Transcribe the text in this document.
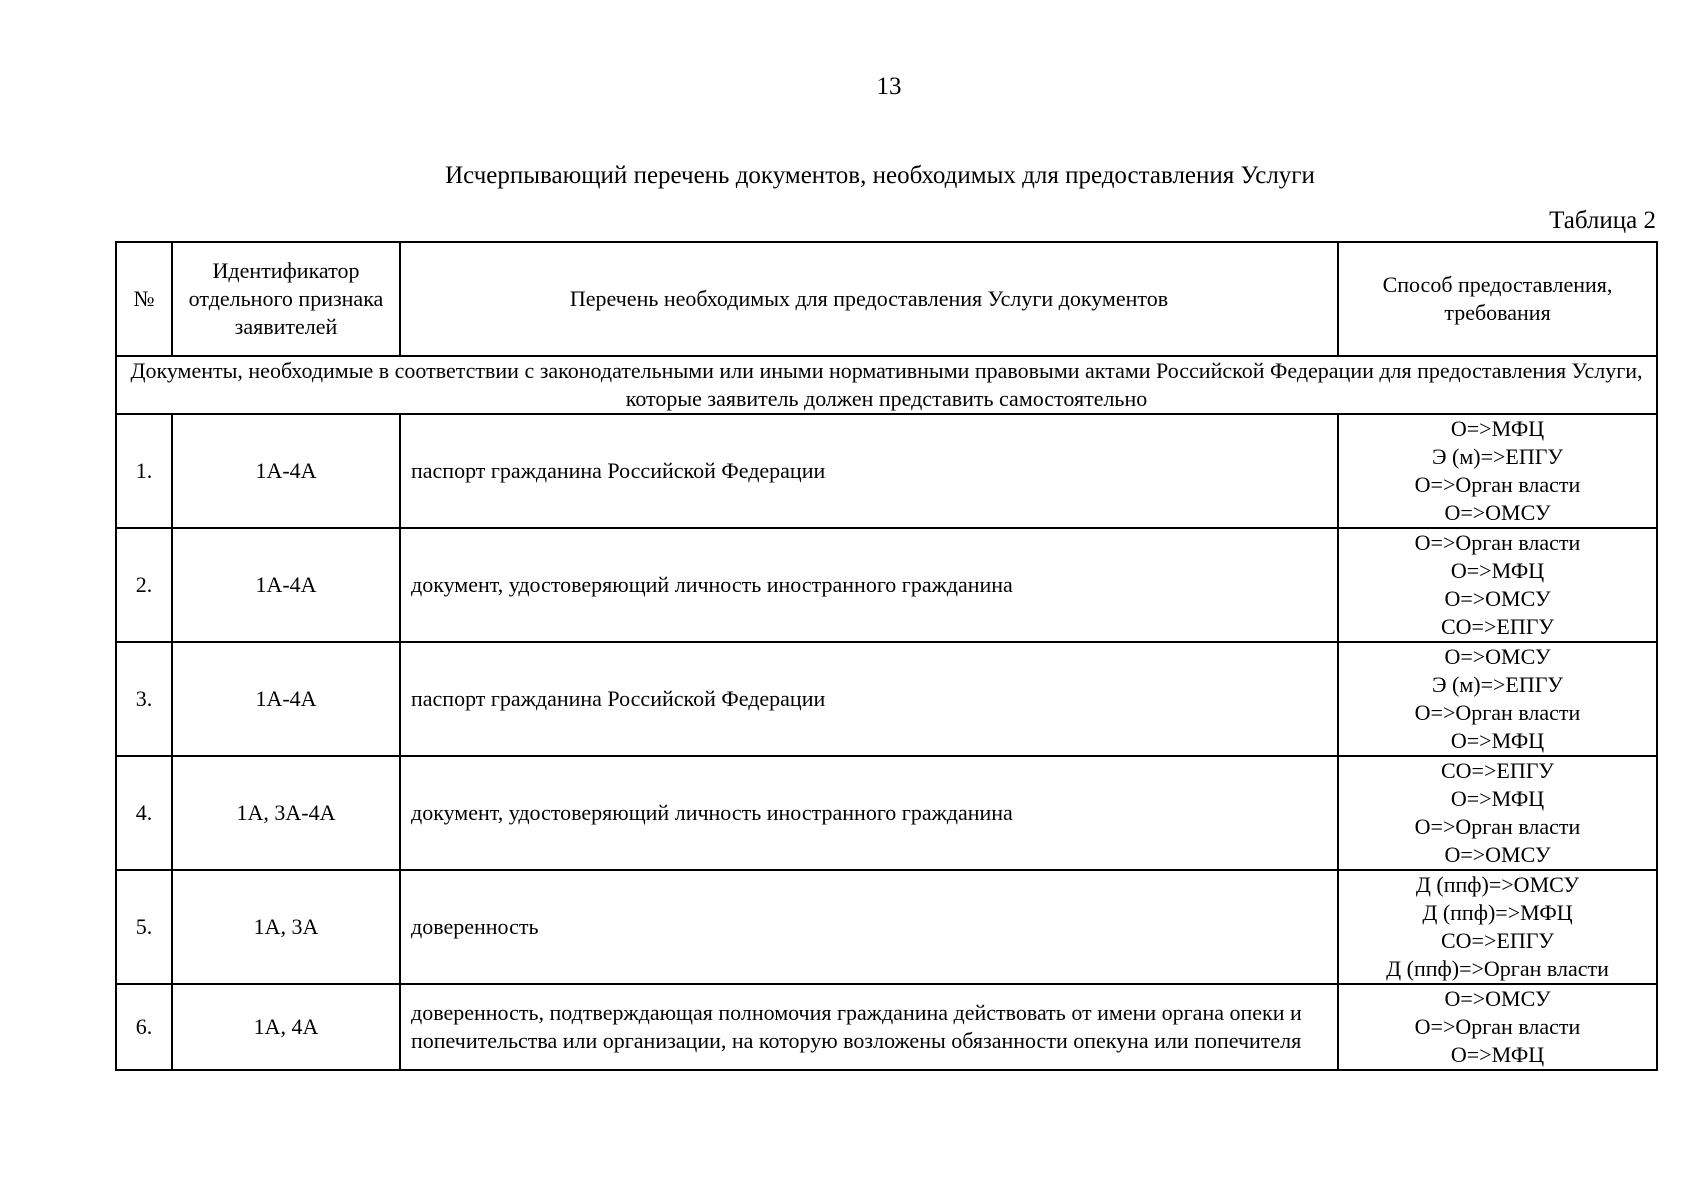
13
Исчерпывающий перечень документов, необходимых для предоставления Услуги
Таблица 2
№	Идентификатор отдельного признака заявителей	Перечень необходимых для предоставления Услуги документов	Способ предоставления, требования
Документы, необходимые в соответствии с законодательными или иными нормативными правовыми актами Российской Федерации для предоставления Услуги, которые заявитель должен представить самостоятельно			
1.	1А-4А	паспорт гражданина Российской Федерации	О=>МФЦ
Э (м)=>ЕПГУ
О=>Орган власти
О=>ОМСУ

2.	1А-4А	документ, удостоверяющий личность иностранного гражданина	О=>Орган власти
О=>МФЦ
О=>ОМСУ
СО=>ЕПГУ

3.	1А-4А	паспорт гражданина Российской Федерации	О=>ОМСУ
Э (м)=>ЕПГУ
О=>Орган власти
О=>МФЦ

4.	1А, 3А-4А	документ, удостоверяющий личность иностранного гражданина	СО=>ЕПГУ
О=>МФЦ
О=>Орган власти
О=>ОМСУ

5.	1А, 3А	доверенность	Д (ппф)=>ОМСУ
Д (ппф)=>МФЦ
СО=>ЕПГУ
Д (ппф)=>Орган власти

6.	1А, 4А	доверенность, подтверждающая полномочия гражданина действовать от имени органа опеки и попечительства или организации, на которую возложены обязанности опекуна или попечителя	О=>ОМСУ
О=>Орган власти
О=>МФЦ
